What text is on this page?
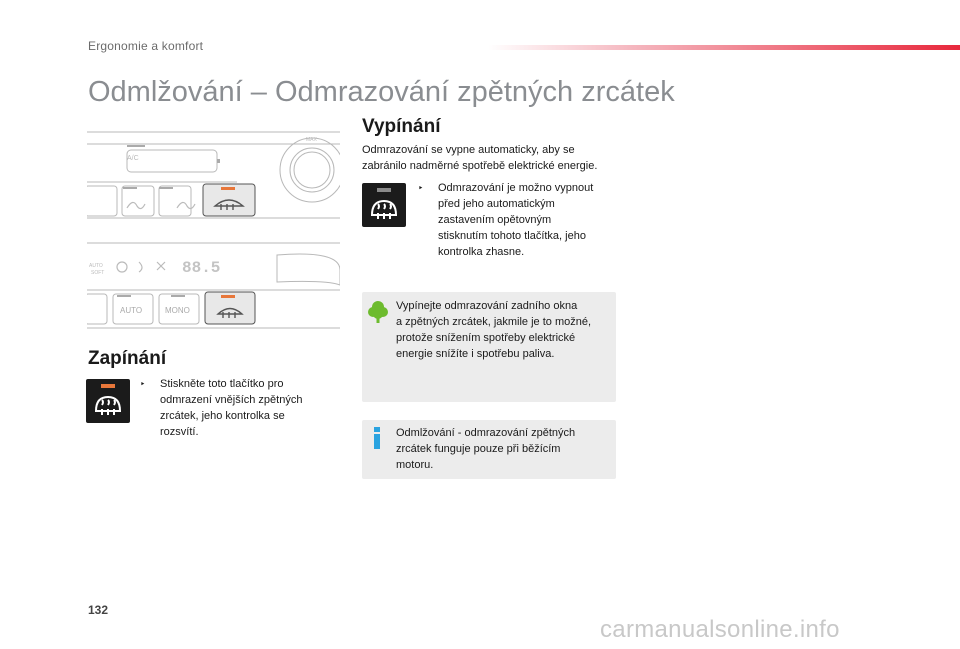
Ergonomie a komfort
Odmlžování – Odmrazování zpětných zrcátek
A/C
AUTO
SOFT	88.5
AUTO	MONO
MAX
Zapínání
‣ Stiskněte toto tlačítko pro
odmrazení vnějších zpětných
zrcátek, jeho kontrolka se
rozsvítí.
Vypínání

Odmrazování se vypne automaticky, aby se
zabránilo nadměrné spotřebě elektrické energie.

‣ Odmrazování je možno vypnout
před jeho automatickým
zastavením opětovným
stisknutím tohoto tlačítka, jeho
kontrolka zhasne.
Vypínejte odmrazování zadního okna
a zpětných zrcátek, jakmile je to možné,
protože snížením spotřeby elektrické
energie snížíte i spotřebu paliva.
Odmlžování - odmrazování zpětných
zrcátek funguje pouze při běžícím
motoru.
132
carmanualsonline.info
